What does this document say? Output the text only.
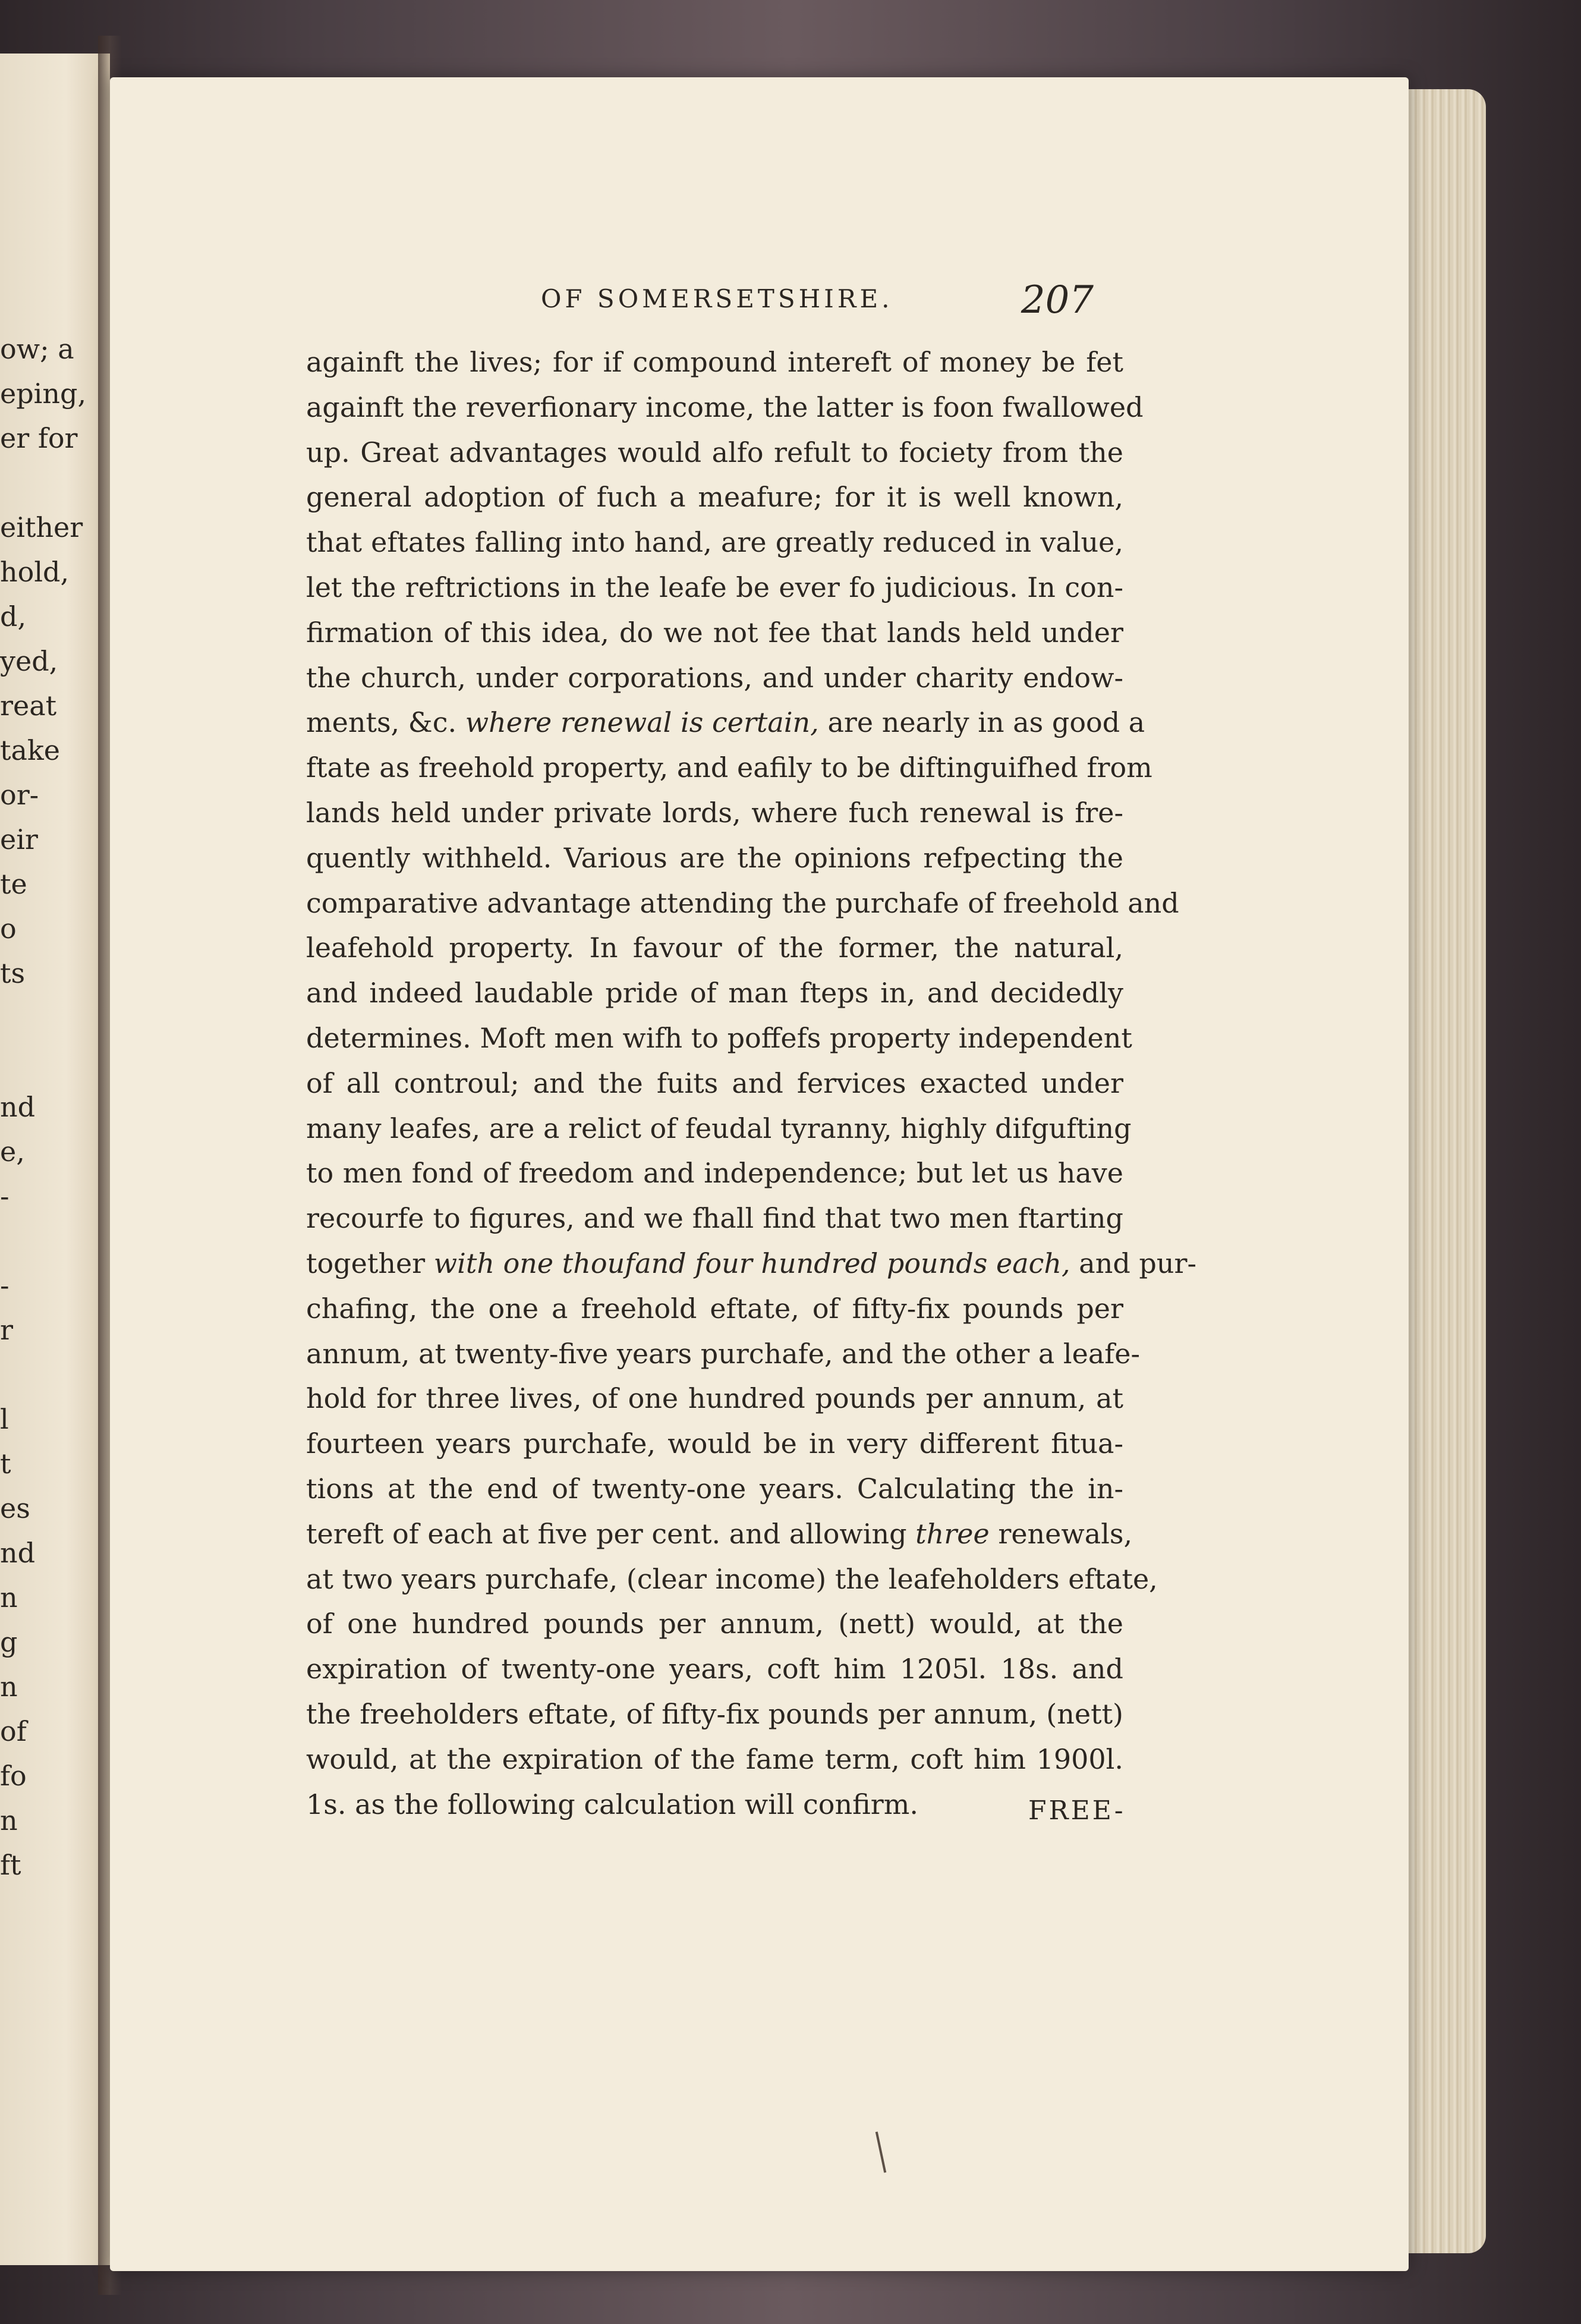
ow; a
eping,
er for
either
hold,
d,
yed,
reat
take
or-
eir
te
o
ts
nd
e,
-
-
r
l
t
es
nd
n
g
n
of
fo
n
ft
OF SOMERSETSHIRE.	207
againft the lives; for if compound intereft of money be fet
againft the reverfionary income, the latter is foon fwallowed
up. Great advantages would alfo refult to fociety from the
general adoption of fuch a meafure; for it is well known,
that eftates falling into hand, are greatly reduced in value,
let the reftrictions in the leafe be ever fo judicious. In con-
firmation of this idea, do we not fee that lands held under
the church, under corporations, and under charity endow-
ments, &c. where renewal is certain, are nearly in as good a
ftate as freehold property, and eafily to be diftinguifhed from
lands held under private lords, where fuch renewal is fre-
quently withheld. Various are the opinions refpecting the
comparative advantage attending the purchafe of freehold and
leafehold property. In favour of the former, the natural,
and indeed laudable pride of man fteps in, and decidedly
determines. Moft men wifh to poffefs property independent
of all controul; and the fuits and fervices exacted under
many leafes, are a relict of feudal tyranny, highly difgufting
to men fond of freedom and independence; but let us have
recourfe to figures, and we fhall find that two men ftarting
together with one thoufand four hundred pounds each, and pur-
chafing, the one a freehold eftate, of fifty-fix pounds per
annum, at twenty-five years purchafe, and the other a leafe-
hold for three lives, of one hundred pounds per annum, at
fourteen years purchafe, would be in very different fitua-
tions at the end of twenty-one years. Calculating the in-
tereft of each at five per cent. and allowing three renewals,
at two years purchafe, (clear income) the leafeholders eftate,
of one hundred pounds per annum, (nett) would, at the
expiration of twenty-one years, coft him 1205l. 18s. and
the freeholders eftate, of fifty-fix pounds per annum, (nett)
would, at the expiration of the fame term, coft him 1900l.
1s. as the following calculation will confirm.	FREE-
